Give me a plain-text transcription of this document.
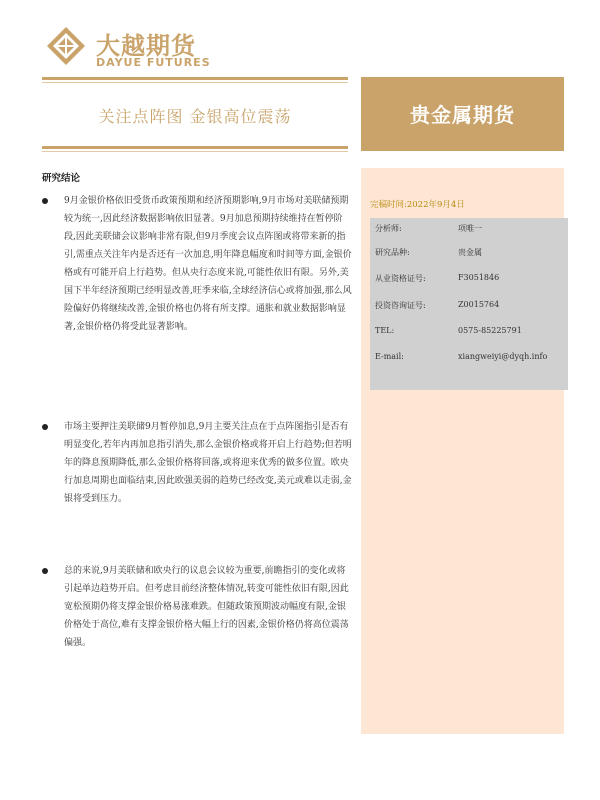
大越期货
DAYUE FUTURES
关注点阵图 金银高位震荡	贵金属期货
完稿时间:2022年9月4日
分析师:	项唯一
研究品种:	贵金属
从业资格证号:	F3051846
投资咨询证号:	Z0015764
TEL:	0575-85225791
E-mail:	xiangweiyi@dyqh.info
研究结论
9月金银价格依旧受货币政策预期和经济预期影响,9月市场对美联储预期较为统一,因此经济数据影响依旧显著。9月加息预期持续维持在暂停阶段,因此美联储会议影响非常有限,但9月季度会议点阵图或将带来新的指引,需重点关注年内是否还有一次加息,明年降息幅度和时间等方面,金银价格或有可能开启上行趋势。但从央行态度来说,可能性依旧有限。另外,美国下半年经济预期已经明显改善,旺季来临,全球经济信心或将加强,那么风险偏好仍将继续改善,金银价格也仍将有所支撑。通胀和就业数据影响显著,金银价格仍将受此显著影响。
市场主要押注美联储9月暂停加息,9月主要关注点在于点阵图指引是否有明显变化,若年内再加息指引消失,那么金银价格或将开启上行趋势;但若明年的降息预期降低,那么金银价格将回落,或将迎来优秀的做多位置。欧央行加息周期也面临结束,因此欧强美弱的趋势已经改变,美元或难以走弱,金银将受到压力。
总的来说,9月美联储和欧央行的议息会议较为重要,前瞻指引的变化或将引起单边趋势开启。但考虑目前经济整体情况,转变可能性依旧有限,因此宽松预期仍将支撑金银价格易涨难跌。但随政策预期波动幅度有限,金银价格处于高位,难有支撑金银价格大幅上行的因素,金银价格仍将高位震荡偏强。
